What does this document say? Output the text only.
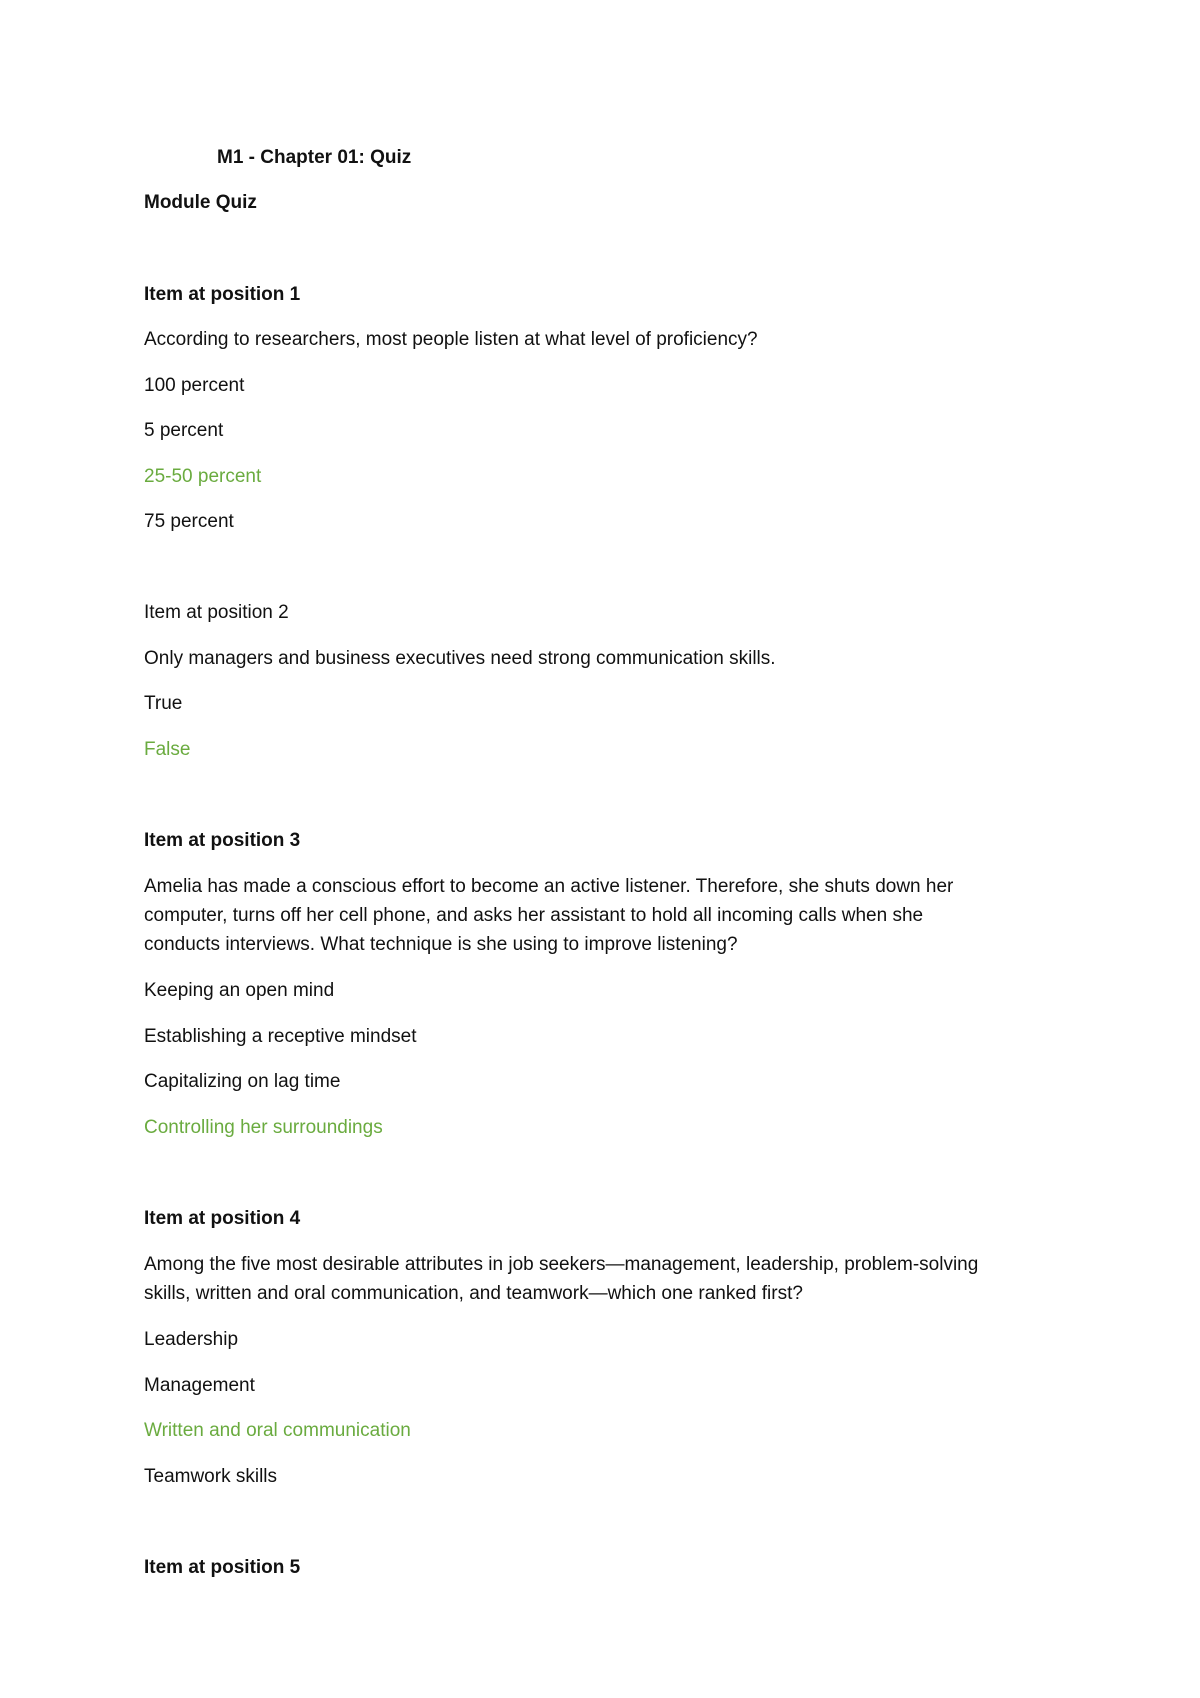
M1 - Chapter 01: Quiz
Module Quiz
Item at position 1
According to researchers, most people listen at what level of proficiency?
100 percent
5 percent
25-50 percent
75 percent
Item at position 2
Only managers and business executives need strong communication skills.
True
False
Item at position 3
Amelia has made a conscious effort to become an active listener. Therefore, she shuts down her
computer, turns off her cell phone, and asks her assistant to hold all incoming calls when she
conducts interviews. What technique is she using to improve listening?
Keeping an open mind
Establishing a receptive mindset
Capitalizing on lag time
Controlling her surroundings
Item at position 4
Among the five most desirable attributes in job seekers—management, leadership, problem-solving
skills, written and oral communication, and teamwork—which one ranked first?
Leadership
Management
Written and oral communication
Teamwork skills
Item at position 5
